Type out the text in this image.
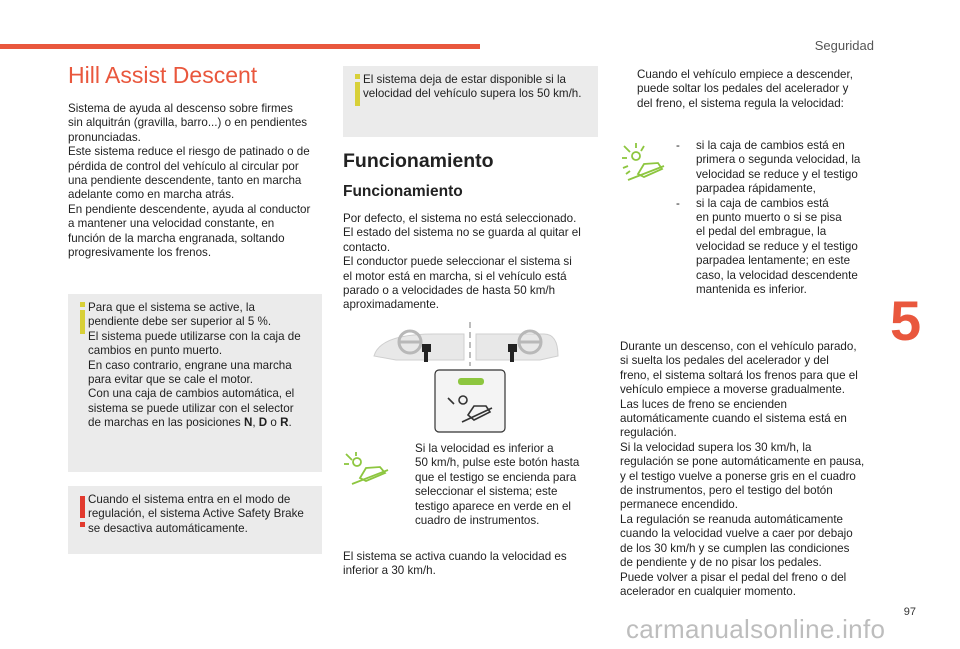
Seguridad
5
97
carmanualsonline.info
Hill Assist Descent

Sistema de ayuda al descenso sobre firmes
sin alquitrán (gravilla, barro...) o en pendientes
pronunciadas.
Este sistema reduce el riesgo de patinado o de
pérdida de control del vehículo al circular por
una pendiente descendente, tanto en marcha
adelante como en marcha atrás.
En pendiente descendente, ayuda al conductor
a mantener una velocidad constante, en
función de la marcha engranada, soltando
progresivamente los frenos.

Para que el sistema se active, la
pendiente debe ser superior al 5 %.
El sistema puede utilizarse con la caja de
cambios en punto muerto.
En caso contrario, engrane una marcha
para evitar que se cale el motor.
Con una caja de cambios automática, el
sistema se puede utilizar con el selector
de marchas en las posiciones N, D o R.

Cuando el sistema entra en el modo de
regulación, el sistema Active Safety Brake
se desactiva automáticamente.

El sistema deja de estar disponible si la
velocidad del vehículo supera los 50 km/h.

Funcionamiento
Funcionamiento

Por defecto, el sistema no está seleccionado.
El estado del sistema no se guarda al quitar el
contacto.
El conductor puede seleccionar el sistema si
el motor está en marcha, si el vehículo está
parado o a velocidades de hasta 50 km/h
aproximadamente.

Si la velocidad es inferior a
50 km/h, pulse este botón hasta
que el testigo se encienda para
seleccionar el sistema; este
testigo aparece en verde en el
cuadro de instrumentos.

El sistema se activa cuando la velocidad es
inferior a 30 km/h.

Cuando el vehículo empiece a descender,
puede soltar los pedales del acelerador y
del freno, el sistema regula la velocidad:
-	si la caja de cambios está en
primera o segunda velocidad, la
velocidad se reduce y el testigo
parpadea rápidamente,
-	si la caja de cambios está
en punto muerto o si se pisa
el pedal del embrague, la
velocidad se reduce y el testigo
parpadea lentamente; en este
caso, la velocidad descendente
mantenida es inferior.

Durante un descenso, con el vehículo parado,
si suelta los pedales del acelerador y del
freno, el sistema soltará los frenos para que el
vehículo empiece a moverse gradualmente.
Las luces de freno se encienden
automáticamente cuando el sistema está en
regulación.
Si la velocidad supera los 30 km/h, la
regulación se pone automáticamente en pausa,
y el testigo vuelve a ponerse gris en el cuadro
de instrumentos, pero el testigo del botón
permanece encendido.
La regulación se reanuda automáticamente
cuando la velocidad vuelve a caer por debajo
de los 30 km/h y se cumplen las condiciones
de pendiente y de no pisar los pedales.
Puede volver a pisar el pedal del freno o del
acelerador en cualquier momento.
